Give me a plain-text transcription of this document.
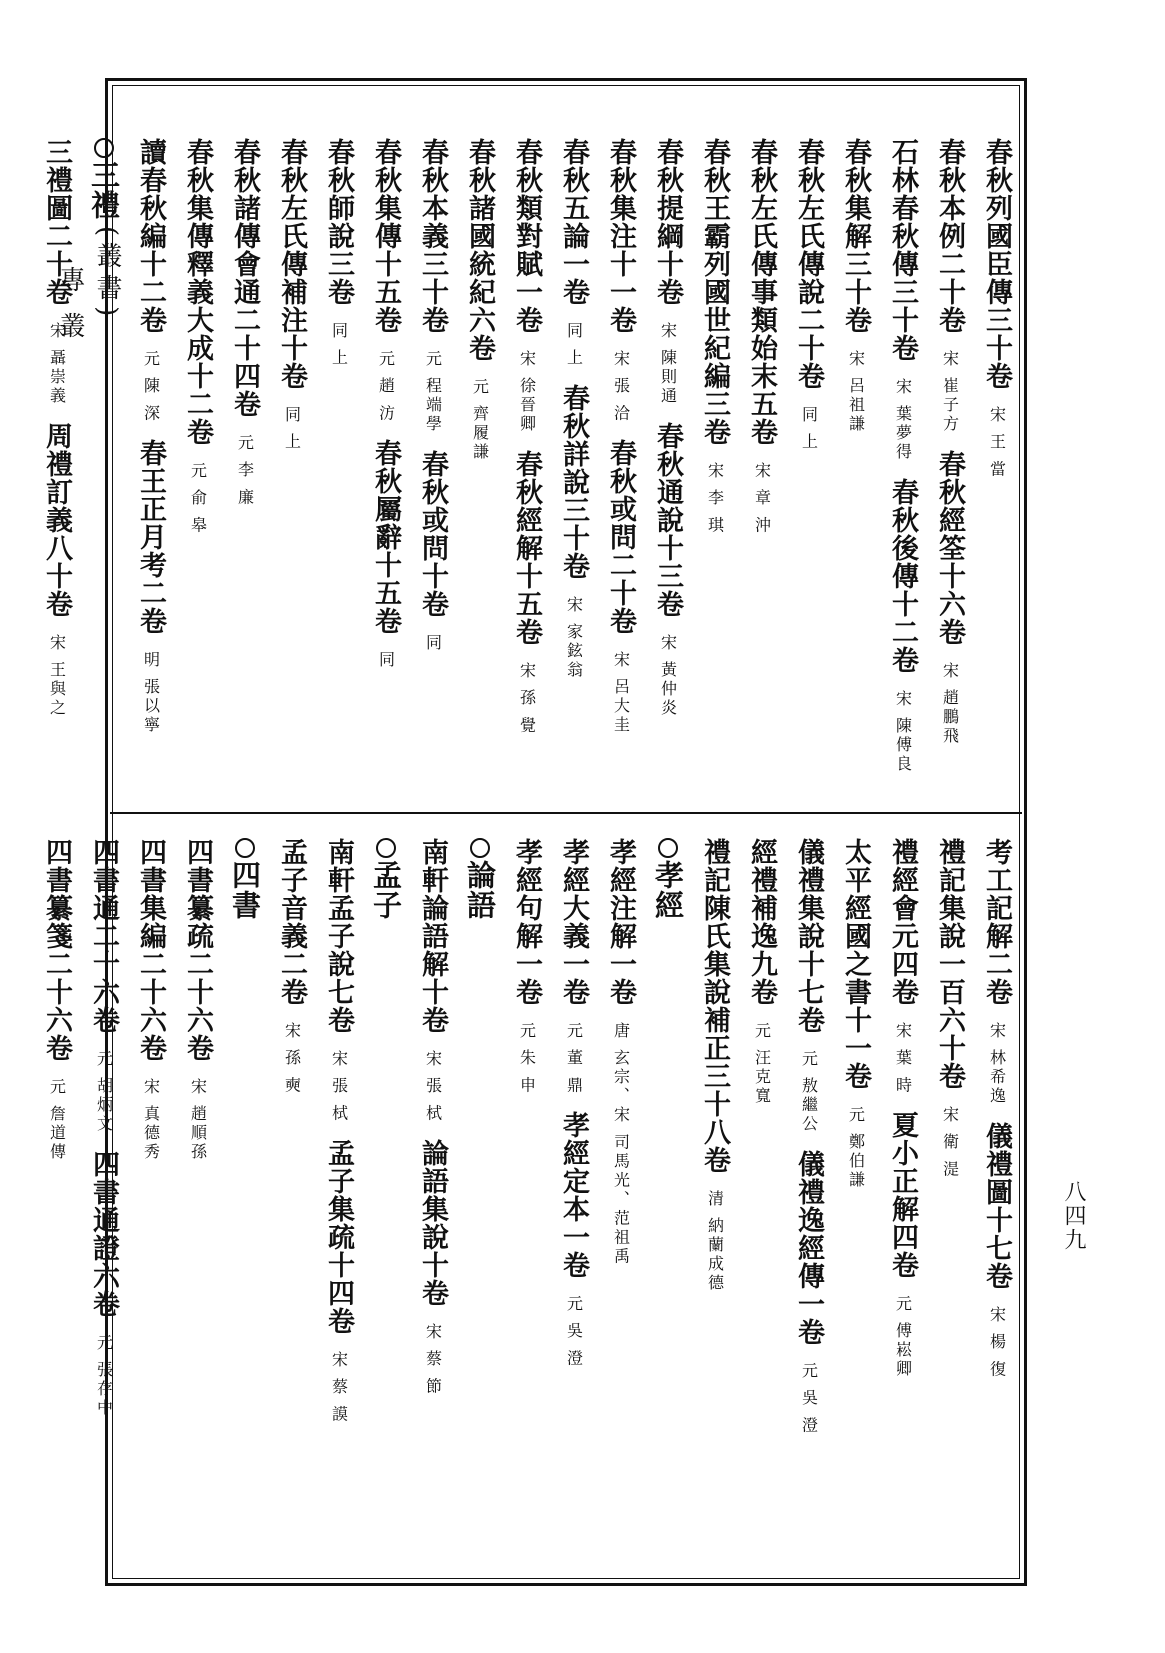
(叢書)
專 叢
八四九
春秋列國臣傳三十卷
宋 王 當
春秋本例二十卷
宋 崔子方
春秋經筌十六卷
宋 趙鵬飛
石林春秋傳三十卷
宋 葉夢得
春秋後傳十二卷
宋 陳傅良
春秋集解三十卷
宋 呂祖謙
春秋左氏傳說二十卷
同 上
春秋左氏傳事類始末五卷
宋 章 沖
春秋王霸列國世紀編三卷
宋 李 琪
春秋提綱十卷
宋 陳則通
春秋通說十三卷
宋 黃仲炎
春秋集注十一卷
宋 張 洽
春秋或問二十卷
宋 呂大圭
春秋五論一卷
同 上
春秋詳說三十卷
宋 家鉉翁
春秋類對賦一卷
宋 徐晉卿
春秋經解十五卷
宋 孫 覺
春秋諸國統紀六卷
元 齊履謙
春秋本義三十卷
元 程端學
春秋或問十卷
同
春秋集傳十五卷
元 趙 汸
春秋屬辭十五卷
同
春秋師說三卷
同 上
春秋左氏傳補注十卷
同 上
春秋諸傳會通二十四卷
元 李 廉
春秋集傳釋義大成十二卷
元 俞 皋
讀春秋編十二卷
元 陳 深
春王正月考二卷
明 張以寧
三禮
三禮圖二十卷
宋 聶崇義
周禮訂義八十卷
宋 王與之
考工記解二卷
宋 林希逸
儀禮圖十七卷
宋 楊 復
禮記集說一百六十卷
宋 衛 湜
禮經會元四卷
宋 葉 時
夏小正解四卷
元 傅崧卿
太平經國之書十一卷
元 鄭伯謙
儀禮集說十七卷
元 敖繼公
儀禮逸經傳一卷
元 吳 澄
經禮補逸九卷
元 汪克寬
禮記陳氏集說補正三十八卷
清 納蘭成德
孝經
孝經注解一卷
唐 玄宗、宋 司馬光、范祖禹
孝經大義一卷
元 董 鼎
孝經定本一卷
元 吳 澄
孝經句解一卷
元 朱 申
論語
南軒論語解十卷
宋 張 栻
論語集說十卷
宋 蔡 節
孟子
南軒孟子說七卷
宋 張 栻
孟子集疏十四卷
宋 蔡 謨
孟子音義二卷
宋 孫 奭
四書
四書纂疏二十六卷
宋 趙順孫
四書集編二十六卷
宋 真德秀
四書通二十六卷
元 胡炳文
四書通證六卷
元 張存中
四書纂箋二十六卷
元 詹道傳
